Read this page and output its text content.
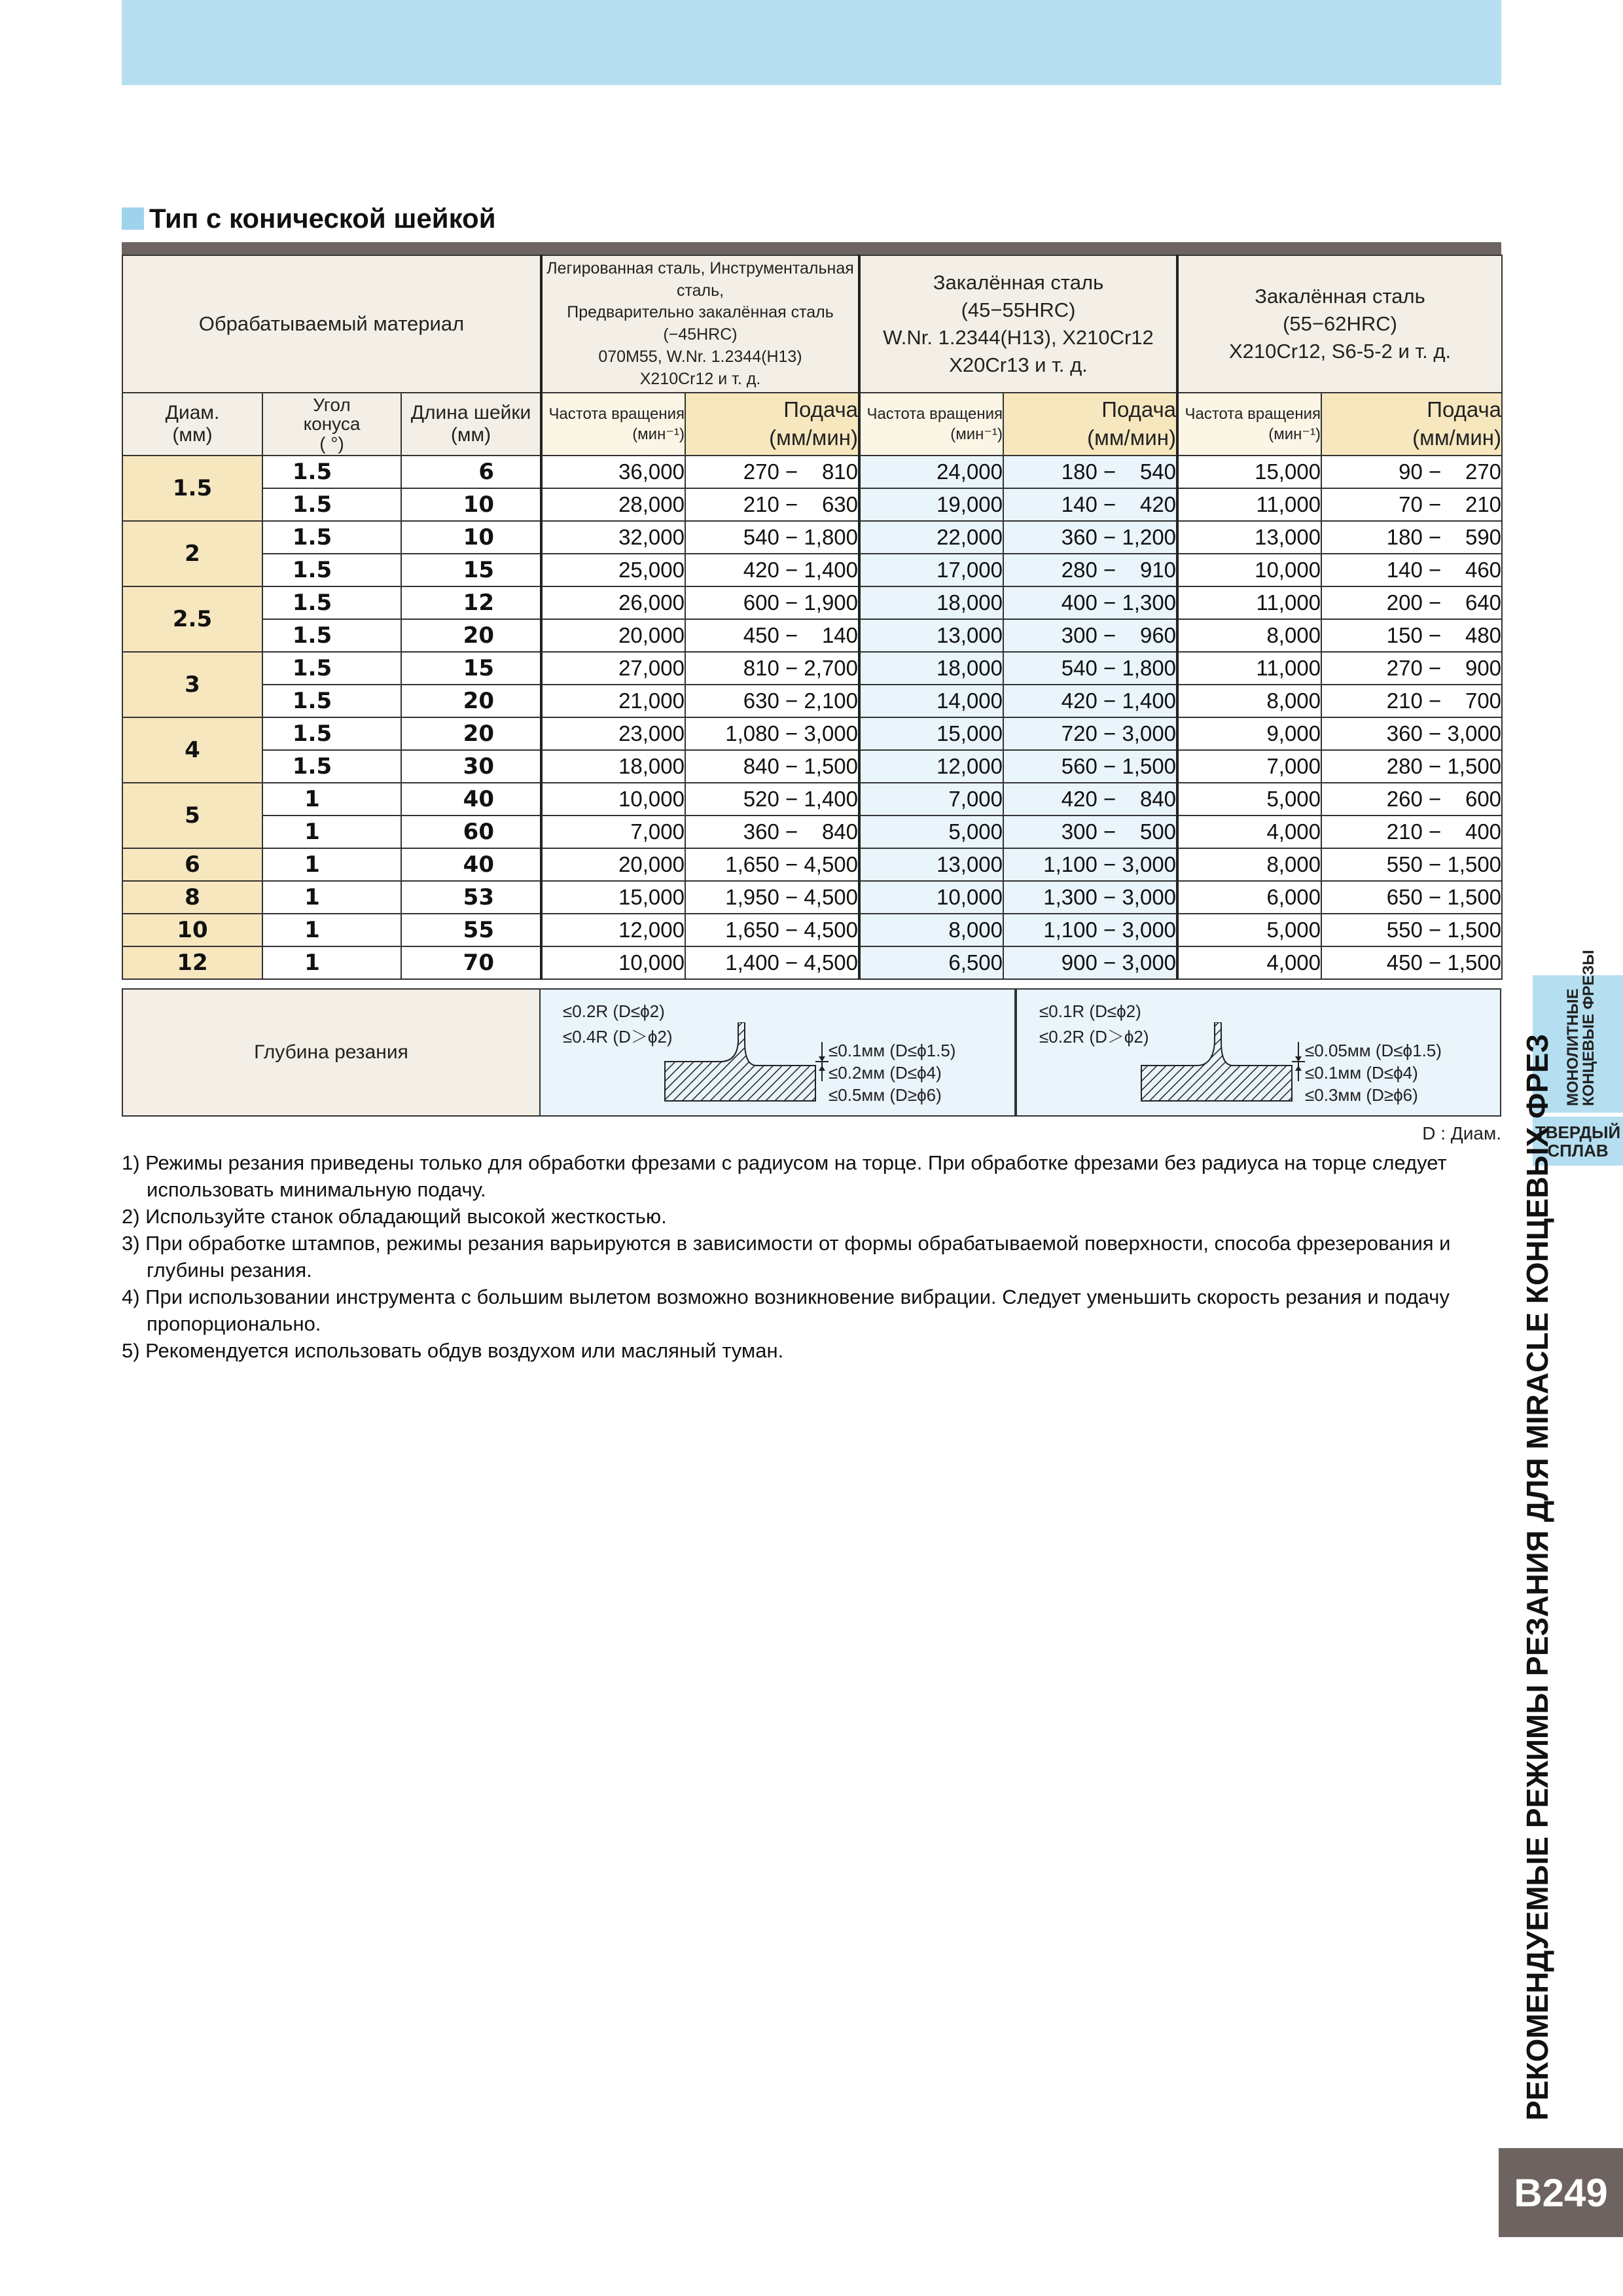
Тип с конической шейкой
Обрабатываемый материал			Легированная сталь, Инструментальная сталь,
Предварительно закалённая сталь
(−45HRC)
070M55, W.Nr. 1.2344(H13)
X210Cr12 и т. д.		Закалённая сталь
(45−55HRC)
W.Nr. 1.2344(H13), X210Cr12
X20Cr13 и т. д.		Закалённая сталь
(55−62HRC)
X210Cr12, S6-5-2 и т. д.	
Диам.
(мм)	Угол
конуса
( °)	Длина шейки
(мм)	Частота вращения
(мин⁻¹)	Подача
(мм/мин)	Частота вращения
(мин⁻¹)	Подача
(мм/мин)	Частота вращения
(мин⁻¹)	Подача
(мм/мин)
1.5	1.5	6	36,000	270 −    810	24,000	180 −    540	15,000	90 −    270
	1.5	10	28,000	210 −    630	19,000	140 −    420	11,000	70 −    210
2	1.5	10	32,000	540 − 1,800	22,000	360 − 1,200	13,000	180 −    590
	1.5	15	25,000	420 − 1,400	17,000	280 −    910	10,000	140 −    460
2.5	1.5	12	26,000	600 − 1,900	18,000	400 − 1,300	11,000	200 −    640
	1.5	20	20,000	450 −    140	13,000	300 −    960	8,000	150 −    480
3	1.5	15	27,000	810 − 2,700	18,000	540 − 1,800	11,000	270 −    900
	1.5	20	21,000	630 − 2,100	14,000	420 − 1,400	8,000	210 −    700
4	1.5	20	23,000	1,080 − 3,000	15,000	720 − 3,000	9,000	360 − 3,000
	1.5	30	18,000	840 − 1,500	12,000	560 − 1,500	7,000	280 − 1,500
5	1	40	10,000	520 − 1,400	7,000	420 −    840	5,000	260 −    600
	1	60	7,000	360 −    840	5,000	300 −    500	4,000	210 −    400
6	1	40	20,000	1,650 − 4,500	13,000	1,100 − 3,000	8,000	550 − 1,500
8	1	53	15,000	1,950 − 4,500	10,000	1,300 − 3,000	6,000	650 − 1,500
10	1	55	12,000	1,650 − 4,500	8,000	1,100 − 3,000	5,000	550 − 1,500
12	1	70	10,000	1,400 − 4,500	6,500	900 − 3,000	4,000	450 − 1,500
Глубина резания
≤0.2R (D≤ϕ2)
≤0.4R (D＞ϕ2)
≤0.1мм (D≤ϕ1.5)
≤0.2мм (D≤ϕ4)
≤0.5мм (D≥ϕ6)
≤0.1R (D≤ϕ2)
≤0.2R (D＞ϕ2)
≤0.05мм (D≤ϕ1.5)
≤0.1мм (D≤ϕ4)
≤0.3мм (D≥ϕ6)
D : Диам.
1) Режимы резания приведены только для обработки фрезами с радиусом на торце. При обработке фрезами без радиуса на торце следует использовать минимальную подачу.
2) Используйте станок обладающий высокой жесткостью.
3) При обработке штампов, режимы резания варьируются в зависимости от формы обрабатываемой поверхности, способа фрезерования и глубины резания.
4) При использовании инструмента с большим вылетом возможно возникновение вибрации. Следует уменьшить скорость резания и подачу пропорционально.
5) Рекомендуется использовать обдув воздухом или масляный туман.
МОНОЛИТНЫЕ
КОНЦЕВЫЕ ФРЕЗЫ
ТВЕРДЫЙ
СПЛАВ
РЕКОМЕНДУЕМЫЕ РЕЖИМЫ РЕЗАНИЯ ДЛЯ MIRACLE КОНЦЕВЫХ ФРЕЗ
B249
